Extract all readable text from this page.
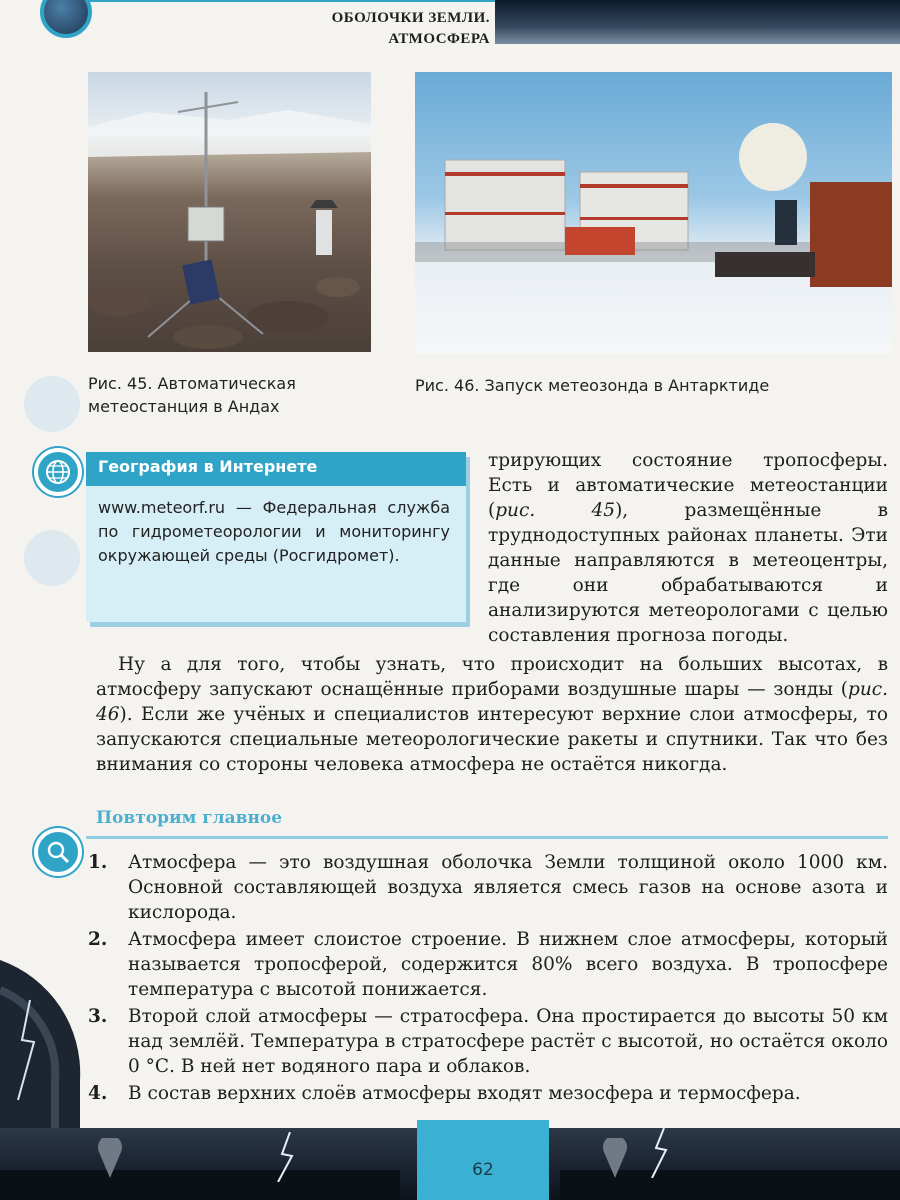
ОБОЛОЧКИ ЗЕМЛИ.
АТМОСФЕРА
Рис. 45. Автоматическая метеостанция в Андах
Рис. 46. Запуск метеозонда в Антарктиде
География в Интернете
www.meteorf.ru — Федеральная служба по гидрометеорологии и мониторингу окружающей среды (Росгидромет).
трирующих состояние тропосферы. Есть и автоматические метеостанции (рис. 45), размещённые в труднодоступных районах планеты. Эти данные направляются в метеоцентры, где они обрабатываются и анализируются метеорологами с целью составления прогноза погоды.
Ну а для того, чтобы узнать, что происходит на больших высотах, в атмосферу запускают оснащённые приборами воздушные шары — зонды (рис. 46). Если же учёных и специалистов интересуют верхние слои атмосферы, то запускаются специальные метеорологические ракеты и спутники. Так что без внимания со стороны человека атмосфера не остаётся никогда.
Повторим главное
1. Атмосфера — это воздушная оболочка Земли толщиной около 1000 км. Основной составляющей воздуха является смесь газов на основе азота и кислорода.
2. Атмосфера имеет слоистое строение. В нижнем слое атмосферы, который называется тропосферой, содержится 80% всего воздуха. В тропосфере температура с высотой понижается.
3. Второй слой атмосферы — стратосфера. Она простирается до высоты 50 км над землёй. Температура в стратосфере растёт с высотой, но остаётся около 0 °С. В ней нет водяного пара и облаков.
4. В состав верхних слоёв атмосферы входят мезосфера и термосфера.
62
